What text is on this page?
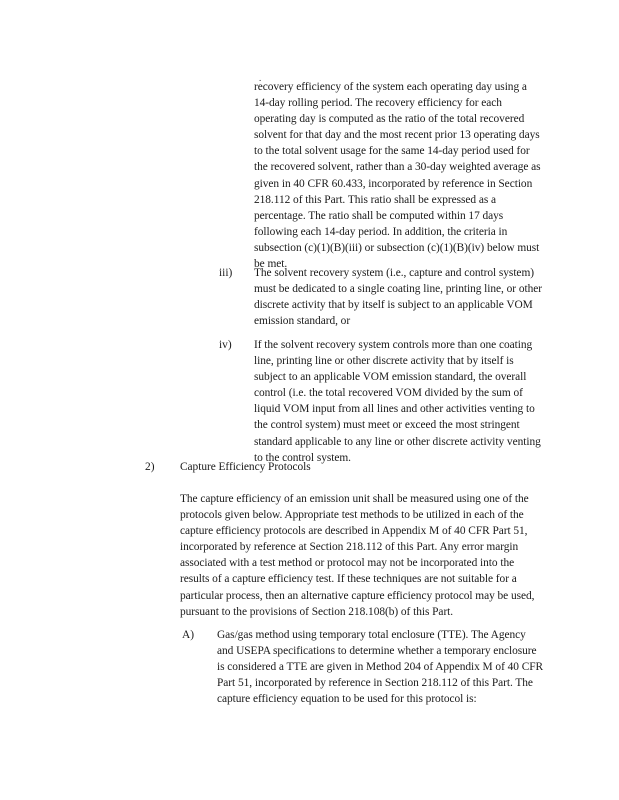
.

recovery efficiency of the system each operating day using a 14-day rolling period. The recovery efficiency for each operating day is computed as the ratio of the total recovered solvent for that day and the most recent prior 13 operating days to the total solvent usage for the same 14-day period used for the recovered solvent, rather than a 30-day weighted average as given in 40 CFR 60.433, incorporated by reference in Section 218.112 of this Part. This ratio shall be expressed as a percentage. The ratio shall be computed within 17 days following each 14-day period. In addition, the criteria in subsection (c)(1)(B)(iii) or subsection (c)(1)(B)(iv) below must be met.

iii) The solvent recovery system (i.e., capture and control system) must be dedicated to a single coating line, printing line, or other discrete activity that by itself is subject to an applicable VOM emission standard, or

iv) If the solvent recovery system controls more than one coating line, printing line or other discrete activity that by itself is subject to an applicable VOM emission standard, the overall control (i.e. the total recovered VOM divided by the sum of liquid VOM input from all lines and other activities venting to the control system) must meet or exceed the most stringent standard applicable to any line or other discrete activity venting to the control system.

2) Capture Efficiency Protocols

The capture efficiency of an emission unit shall be measured using one of the protocols given below. Appropriate test methods to be utilized in each of the capture efficiency protocols are described in Appendix M of 40 CFR Part 51, incorporated by reference at Section 218.112 of this Part. Any error margin associated with a test method or protocol may not be incorporated into the results of a capture efficiency test. If these techniques are not suitable for a particular process, then an alternative capture efficiency protocol may be used, pursuant to the provisions of Section 218.108(b) of this Part.

A) Gas/gas method using temporary total enclosure (TTE). The Agency and USEPA specifications to determine whether a temporary enclosure is considered a TTE are given in Method 204 of Appendix M of 40 CFR Part 51, incorporated by reference in Section 218.112 of this Part. The capture efficiency equation to be used for this protocol is:
